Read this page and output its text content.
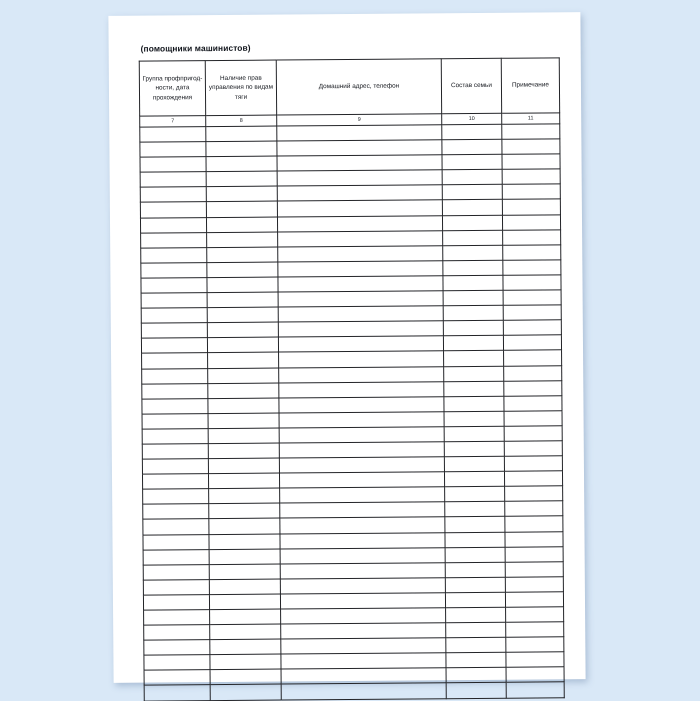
(помощники машинистов)
Группа профпригод- ности, дата прохождения	Наличие прав управления по видам тяги	Домашний адрес, телефон	Состав семьи	Примечание
7	8	9	10	11
